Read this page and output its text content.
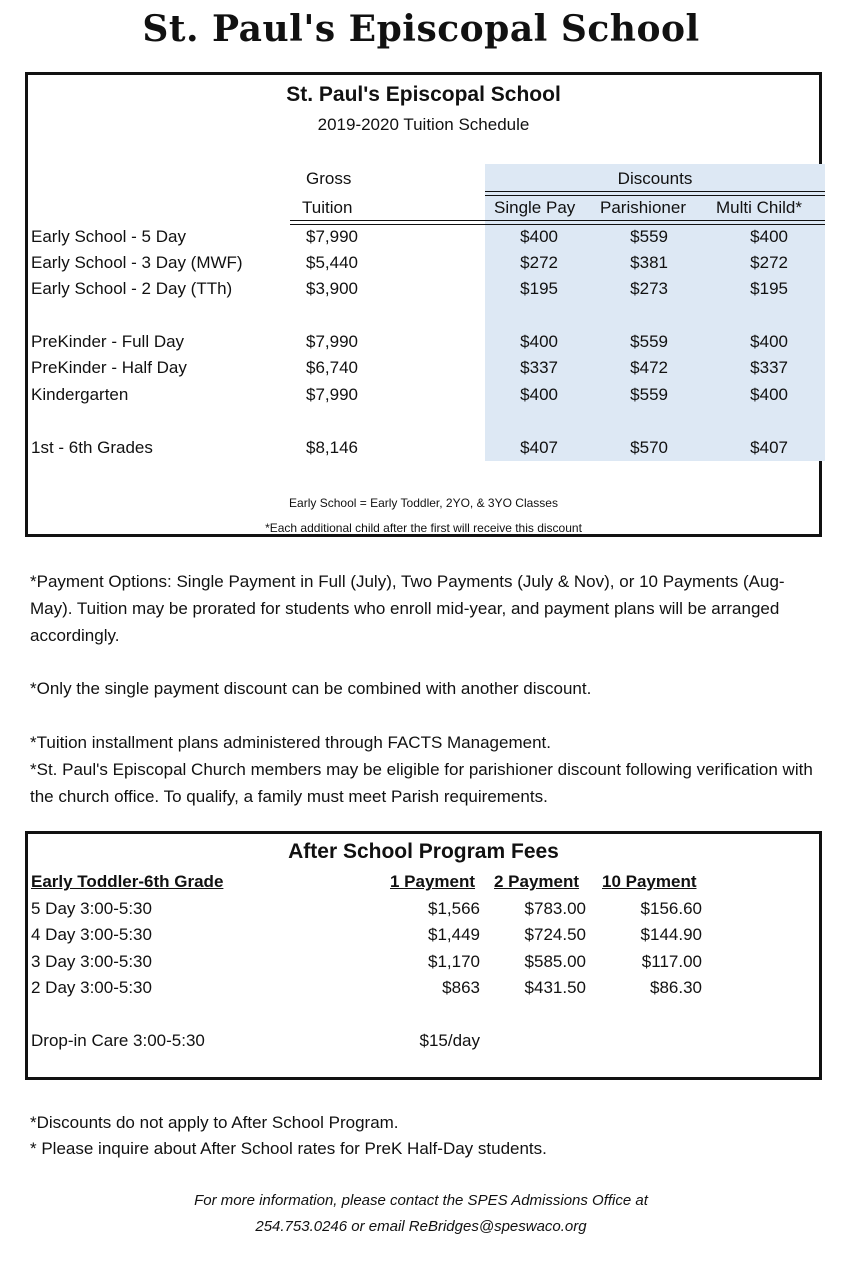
St. Paul's Episcopal School
St. Paul's Episcopal School
2019-2020 Tuition Schedule
Gross
Tuition
Discounts
Single Pay Parishioner Multi Child*
Early School - 5 Day	$7,990	$400	$559	$400
Early School - 3 Day (MWF)	$5,440	$272	$381	$272
Early School - 2 Day (TTh)	$3,900	$195	$273	$195
PreKinder - Full Day	$7,990	$400	$559	$400
PreKinder - Half Day	$6,740	$337	$472	$337
Kindergarten	$7,990	$400	$559	$400
1st - 6th Grades	$8,146	$407	$570	$407
Early School = Early Toddler, 2YO, & 3YO Classes
*Each additional child after the first will receive this discount
*Payment Options: Single Payment in Full (July), Two Payments (July & Nov), or 10 Payments (Aug-May). Tuition may be prorated for students who enroll mid-year, and payment plans will be arranged accordingly.
*Only the single payment discount can be combined with another discount.
*Tuition installment plans administered through FACTS Management.
*St. Paul's Episcopal Church members may be eligible for parishioner discount following verification with the church office. To qualify, a family must meet Parish requirements.
After School Program Fees
Early Toddler-6th Grade	1 Payment 2 Payment 10 Payment
5 Day 3:00-5:30	$1,566	$783.00	$156.60
4 Day 3:00-5:30	$1,449	$724.50	$144.90
3 Day 3:00-5:30	$1,170	$585.00	$117.00
2 Day 3:00-5:30	$863	$431.50	$86.30
Drop-in Care 3:00-5:30	$15/day
*Discounts do not apply to After School Program.
* Please inquire about After School rates for PreK Half-Day students.
For more information, please contact the SPES Admissions Office at
254.753.0246 or email ReBridges@speswaco.org
